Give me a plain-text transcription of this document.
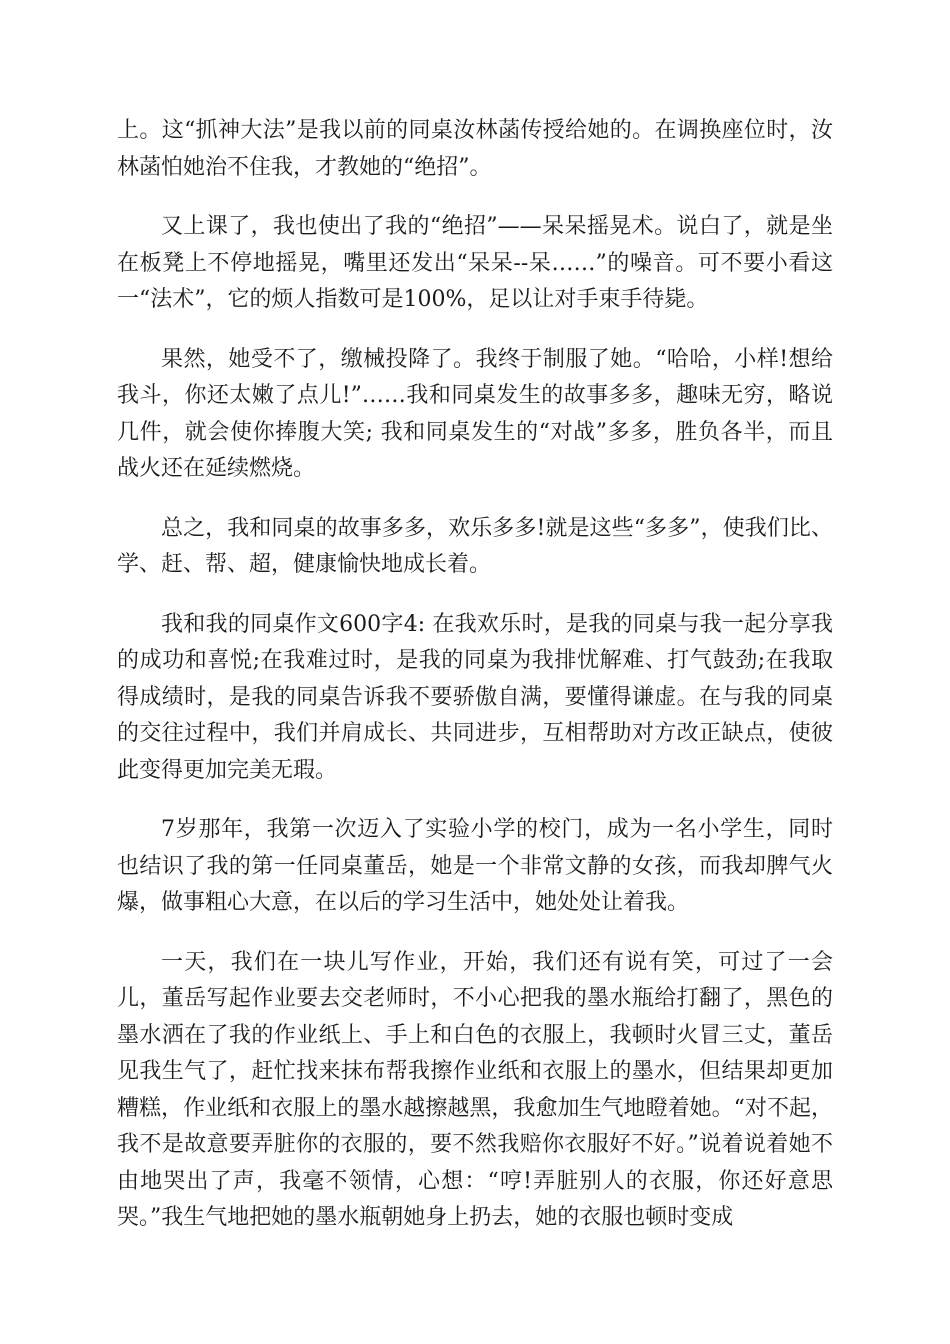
上。这“抓神大法”是我以前的同桌汝林菡传授给她的。在调换座位时，汝林菡怕她治不住我，才教她的“绝招”。

又上课了，我也使出了我的“绝招”——呆呆摇晃术。说白了，就是坐在板凳上不停地摇晃，嘴里还发出“呆呆--呆……”的噪音。可不要小看这一“法术”，它的烦人指数可是100%，足以让对手束手待毙。

果然，她受不了，缴械投降了。我终于制服了她。“哈哈，小样!想给我斗，你还太嫩了点儿!”……我和同桌发生的故事多多，趣味无穷，略说几件，就会使你捧腹大笑; 我和同桌发生的“对战”多多，胜负各半，而且战火还在延续燃烧。

总之，我和同桌的故事多多，欢乐多多!就是这些“多多”，使我们比、学、赶、帮、超，健康愉快地成长着。

我和我的同桌作文600字4: 在我欢乐时，是我的同桌与我一起分享我的成功和喜悦;在我难过时，是我的同桌为我排忧解难、打气鼓劲;在我取得成绩时，是我的同桌告诉我不要骄傲自满，要懂得谦虚。在与我的同桌的交往过程中，我们并肩成长、共同进步，互相帮助对方改正缺点，使彼此变得更加完美无瑕。

7岁那年，我第一次迈入了实验小学的校门，成为一名小学生，同时也结识了我的第一任同桌董岳，她是一个非常文静的女孩，而我却脾气火爆，做事粗心大意，在以后的学习生活中，她处处让着我。

一天，我们在一块儿写作业，开始，我们还有说有笑，可过了一会儿，董岳写起作业要去交老师时，不小心把我的墨水瓶给打翻了，黑色的墨水洒在了我的作业纸上、手上和白色的衣服上，我顿时火冒三丈，董岳见我生气了，赶忙找来抹布帮我擦作业纸和衣服上的墨水，但结果却更加糟糕，作业纸和衣服上的墨水越擦越黑，我愈加生气地瞪着她。“对不起，我不是故意要弄脏你的衣服的，要不然我赔你衣服好不好。”说着说着她不由地哭出了声，我毫不领情，心想：“哼!弄脏别人的衣服，你还好意思哭。”我生气地把她的墨水瓶朝她身上扔去，她的衣服也顿时变成
